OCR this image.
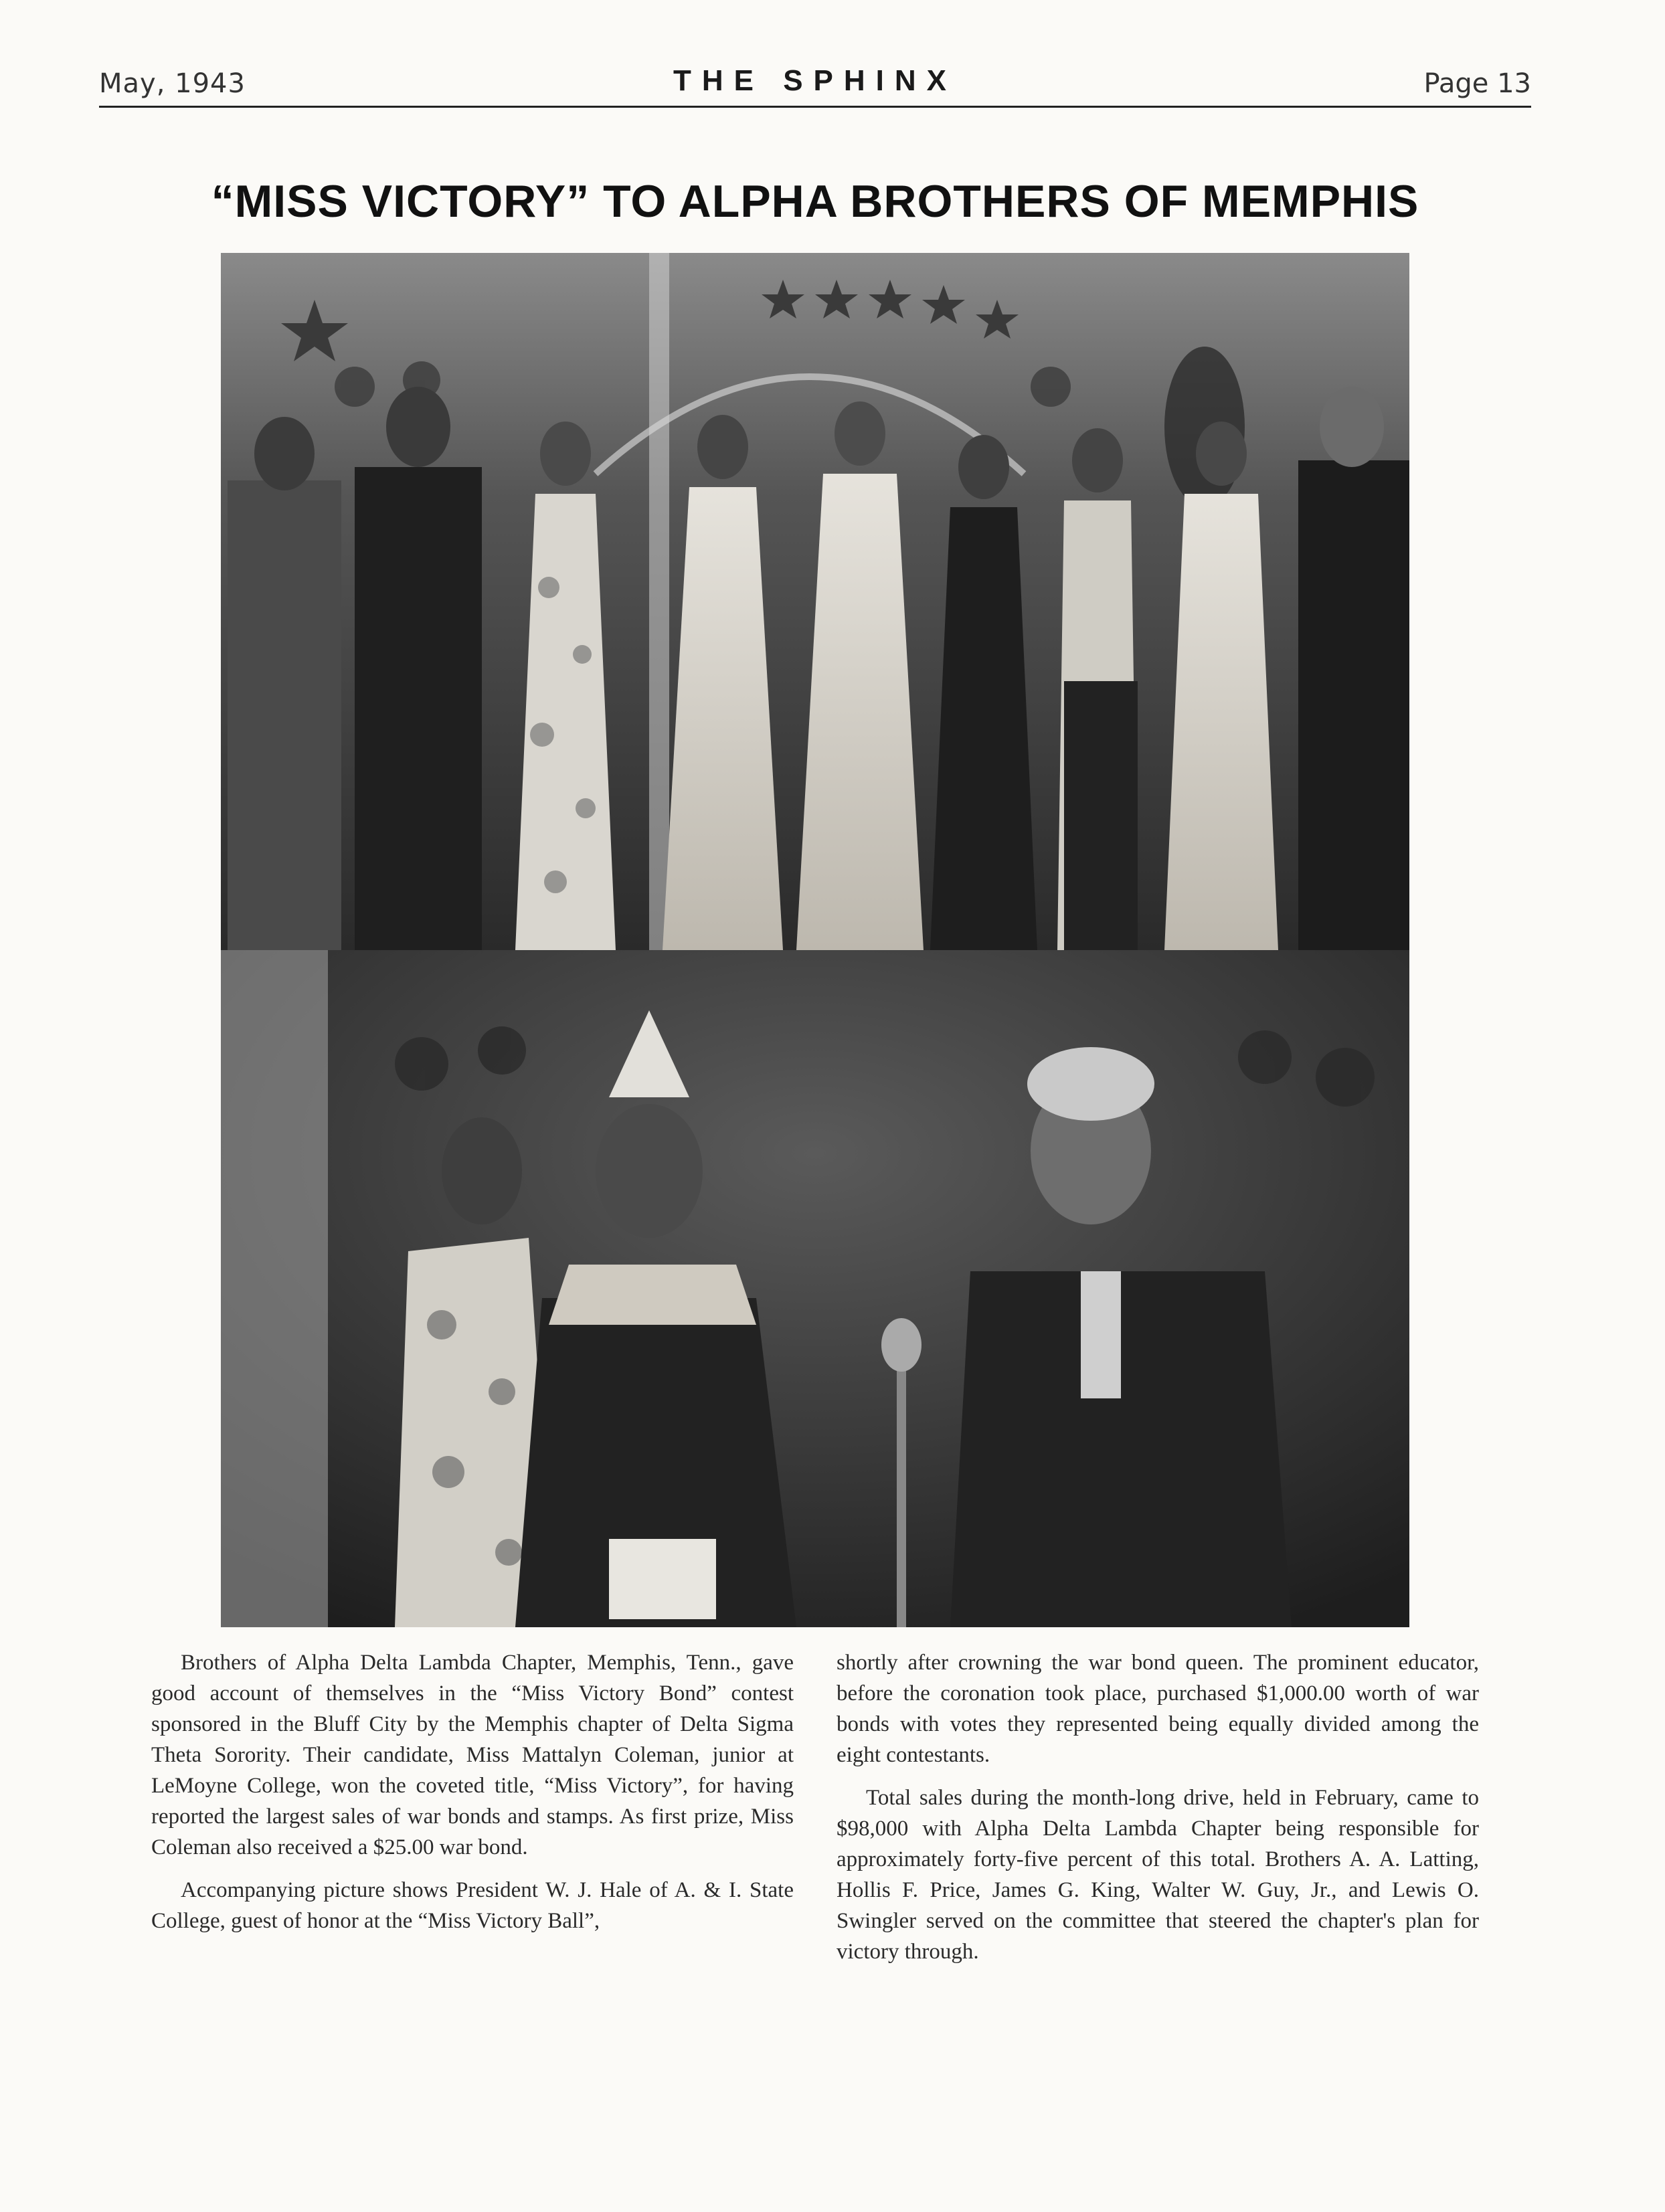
May, 1943	THE SPHINX	Page 13
“MISS VICTORY” TO ALPHA BROTHERS OF MEMPHIS

Brothers of Alpha Delta Lambda Chapter, Memphis, Tenn., gave good account of themselves in the “Miss Victory Bond” contest sponsored in the Bluff City by the Memphis chapter of Delta Sigma Theta Sorority. Their candidate, Miss Mattalyn Coleman, junior at LeMoyne College, won the coveted title, “Miss Victory”, for having reported the largest sales of war bonds and stamps. As first prize, Miss Coleman also received a $25.00 war bond.

Accompanying picture shows President W. J. Hale of A. & I. State College, guest of honor at the “Miss Victory Ball”,

shortly after crowning the war bond queen. The prominent educator, before the coronation took place, purchased $1,000.00 worth of war bonds with votes they represented being equally divided among the eight contestants.

Total sales during the month-long drive, held in February, came to $98,000 with Alpha Delta Lambda Chapter being responsible for approximately forty-five percent of this total. Brothers A. A. Latting, Hollis F. Price, James G. King, Walter W. Guy, Jr., and Lewis O. Swingler served on the committee that steered the chapter's plan for victory through.
